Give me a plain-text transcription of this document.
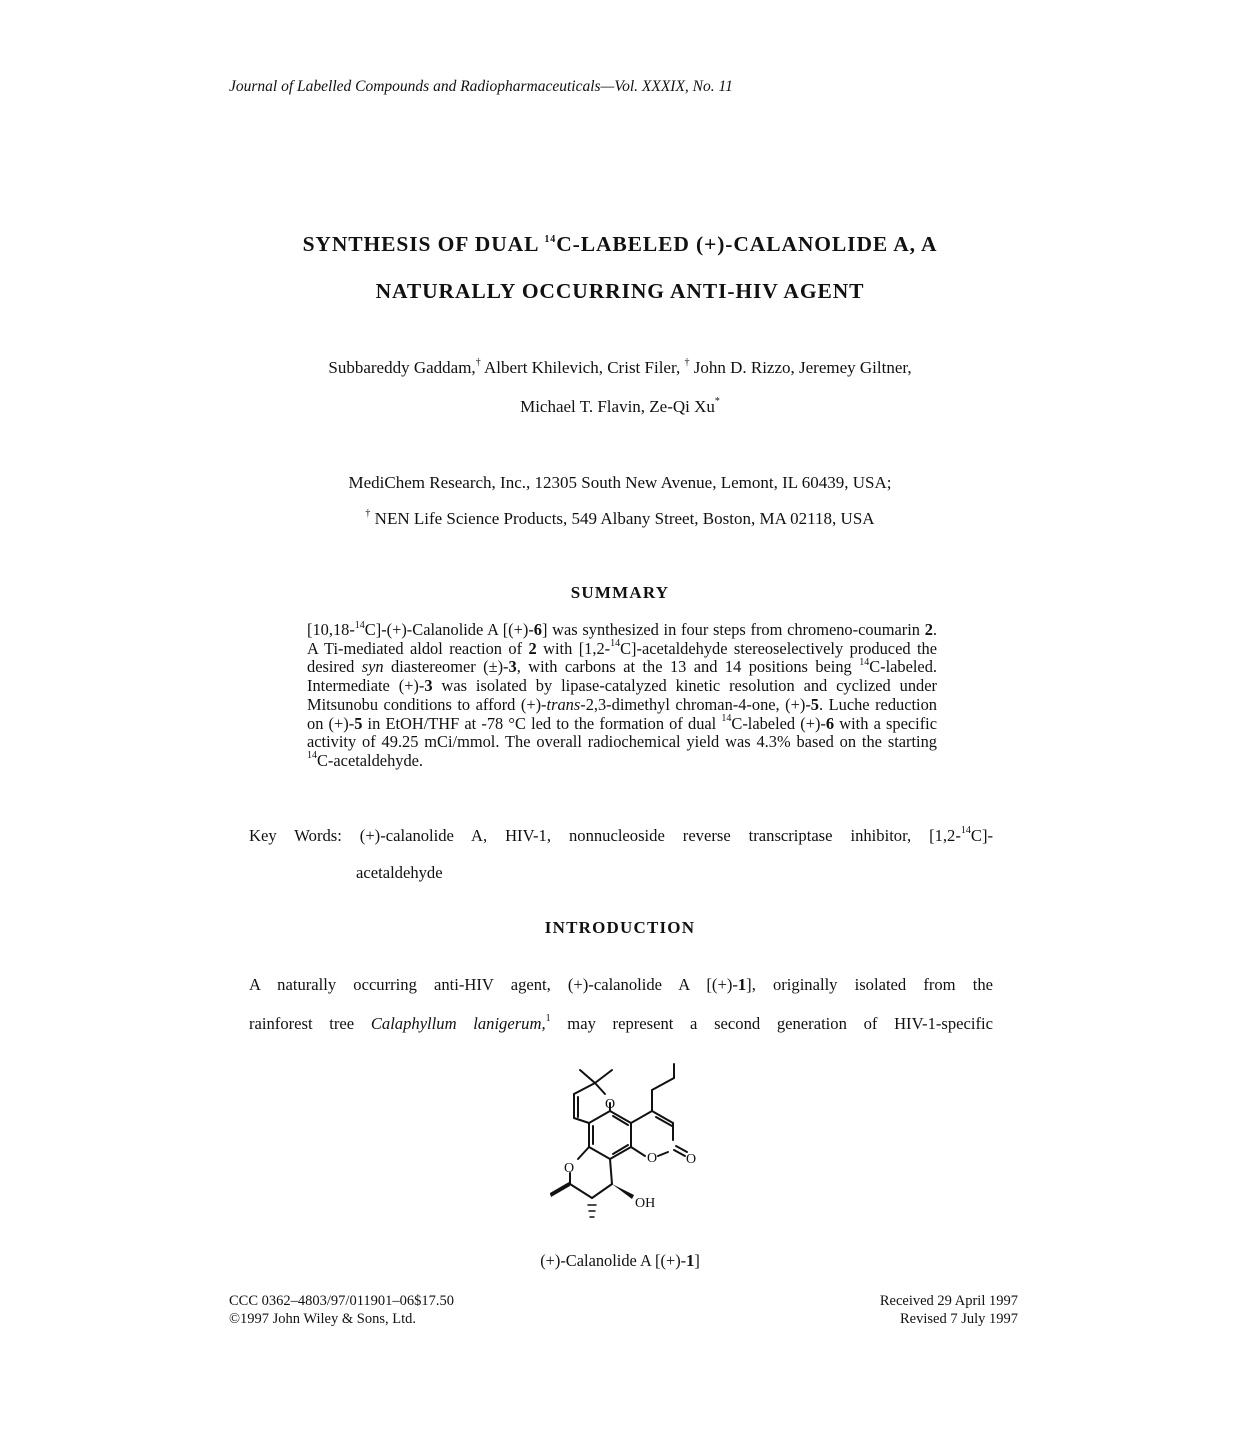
Journal of Labelled Compounds and Radiopharmaceuticals—Vol. XXXIX, No. 11
SYNTHESIS OF DUAL $^{14}$C-LABELED (+)-CALANOLIDE A, A
NATURALLY OCCURRING ANTI-HIV AGENT
Subbareddy Gaddam,† Albert Khilevich, Crist Filer, † John D. Rizzo, Jeremey Giltner,
Michael T. Flavin, Ze-Qi Xu*
MediChem Research, Inc., 12305 South New Avenue, Lemont, IL 60439, USA;
† NEN Life Science Products, 549 Albany Street, Boston, MA 02118, USA
SUMMARY

[10,18-$^{14}$C]-(+)-Calanolide A [(+)-6] was synthesized in four steps from chromeno-coumarin 2. A Ti-mediated aldol reaction of 2 with [1,2-$^{14}$C]-acetaldehyde stereoselectively produced the desired syn diastereomer (±)-3, with carbons at the 13 and 14 positions being $^{14}$C-labeled. Intermediate (+)-3 was isolated by lipase-catalyzed kinetic resolution and cyclized under Mitsunobu conditions to afford (+)-trans-2,3-dimethyl chroman-4-one, (+)-5. Luche reduction on (+)-5 in EtOH/THF at -78 °C led to the formation of dual $^{14}$C-labeled (+)-6 with a specific activity of 49.25 mCi/mmol. The overall radiochemical yield was 4.3% based on the starting $^{14}$C-acetaldehyde.

Key Words: (+)-calanolide A, HIV-1, nonnucleoside reverse transcriptase inhibitor, [1,2-$^{14}$C]-
acetaldehyde
INTRODUCTION
A naturally occurring anti-HIV agent, (+)-calanolide A [(+)-1], originally isolated from the
rainforest tree Calaphyllum lanigerum,$^1$ may represent a second generation of HIV-1-specific
O
O
O O
OH
(+)-Calanolide A [(+)-1]
CCC 0362–4803/97/011901–06$17.50
©1997 John Wiley & Sons, Ltd.
Received 29 April 1997
Revised 7 July 1997
